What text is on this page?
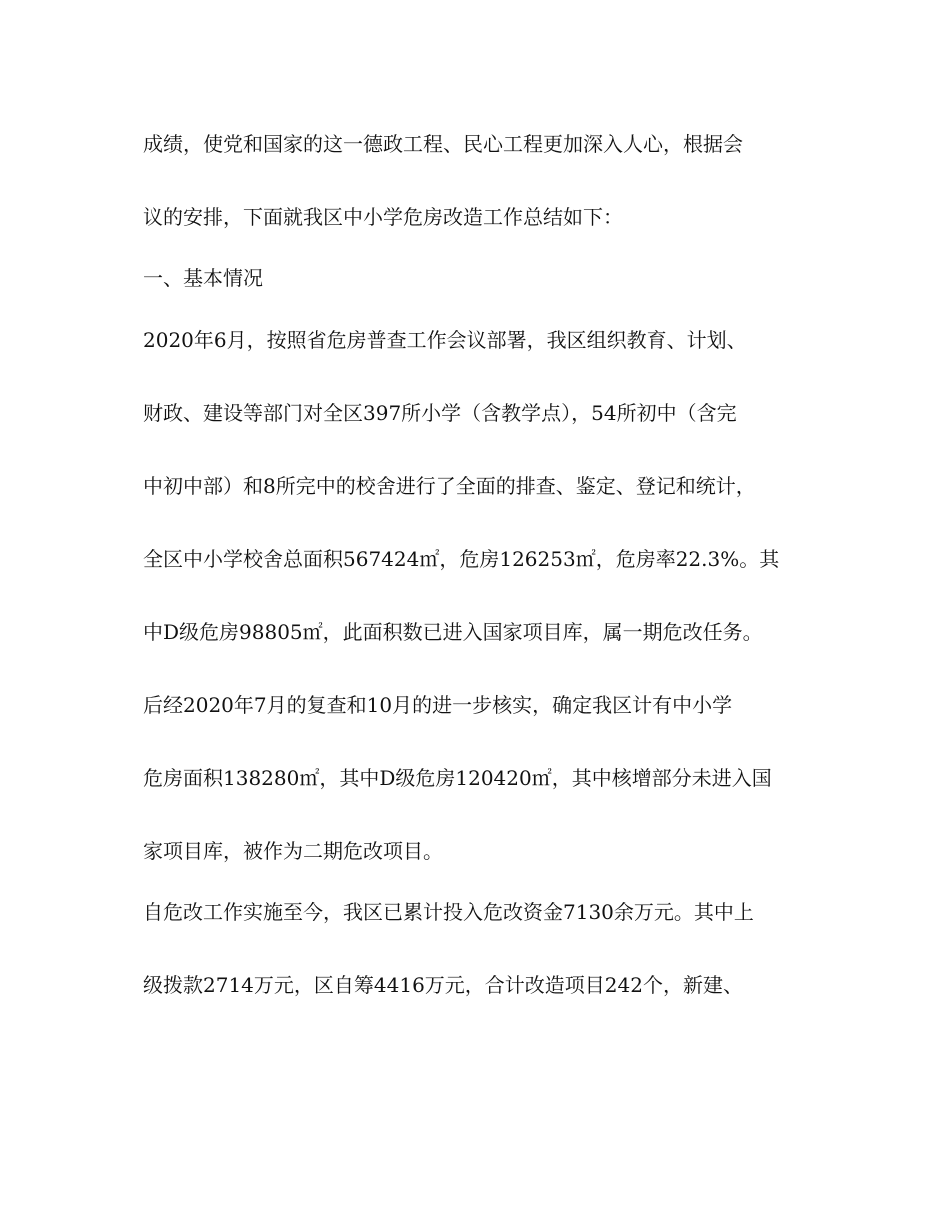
成绩，使党和国家的这一德政工程、民心工程更加深入人心，根据会
议的安排，下面就我区中小学危房改造工作总结如下：
一、基本情况
2020年6月，按照省危房普查工作会议部署，我区组织教育、计划、
财政、建设等部门对全区397所小学（含教学点），54所初中（含完
中初中部）和8所完中的校舍进行了全面的排查、鉴定、登记和统计，
全区中小学校舍总面积567424㎡，危房126253㎡，危房率22.3%。其
中D级危房98805㎡，此面积数已进入国家项目库，属一期危改任务。
后经2020年7月的复查和10月的进一步核实，确定我区计有中小学
危房面积138280㎡，其中D级危房120420㎡，其中核增部分未进入国
家项目库，被作为二期危改项目。
自危改工作实施至今，我区已累计投入危改资金7130余万元。其中上
级拨款2714万元，区自筹4416万元，合计改造项目242个，新建、
